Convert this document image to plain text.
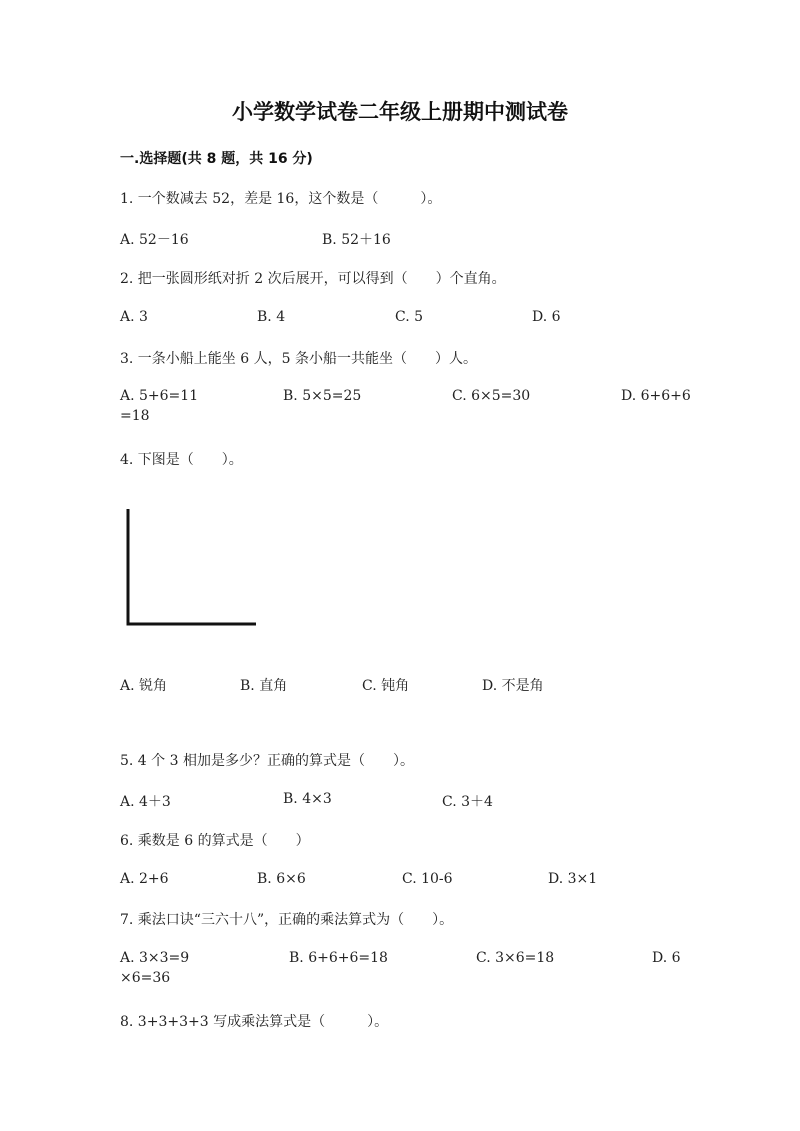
小学数学试卷二年级上册期中测试卷
一.选择题(共 8 题，共 16 分)
1. 一个数减去 52，差是 16，这个数是（　　　）。
A. 52－16	B. 52＋16
2. 把一张圆形纸对折 2 次后展开，可以得到（　　）个直角。
A. 3	B. 4	C. 5	D. 6
3. 一条小船上能坐 6 人，5 条小船一共能坐（　　）人。
A. 5+6=11	B. 5×5=25	C. 6×5=30	D. 6+6+6
=18
4. 下图是（　　）。
A. 锐角	B. 直角	C. 钝角	D. 不是角
5. 4 个 3 相加是多少？正确的算式是（　　）。
A. 4＋3	B. 4×3	C. 3＋4
6. 乘数是 6 的算式是（　　）
A. 2+6	B. 6×6	C. 10-6	D. 3×1
7. 乘法口诀“三六十八”，正确的乘法算式为（　　）。
A. 3×3=9	B. 6+6+6=18	C. 3×6=18	D. 6
×6=36
8. 3+3+3+3 写成乘法算式是（　　　）。
